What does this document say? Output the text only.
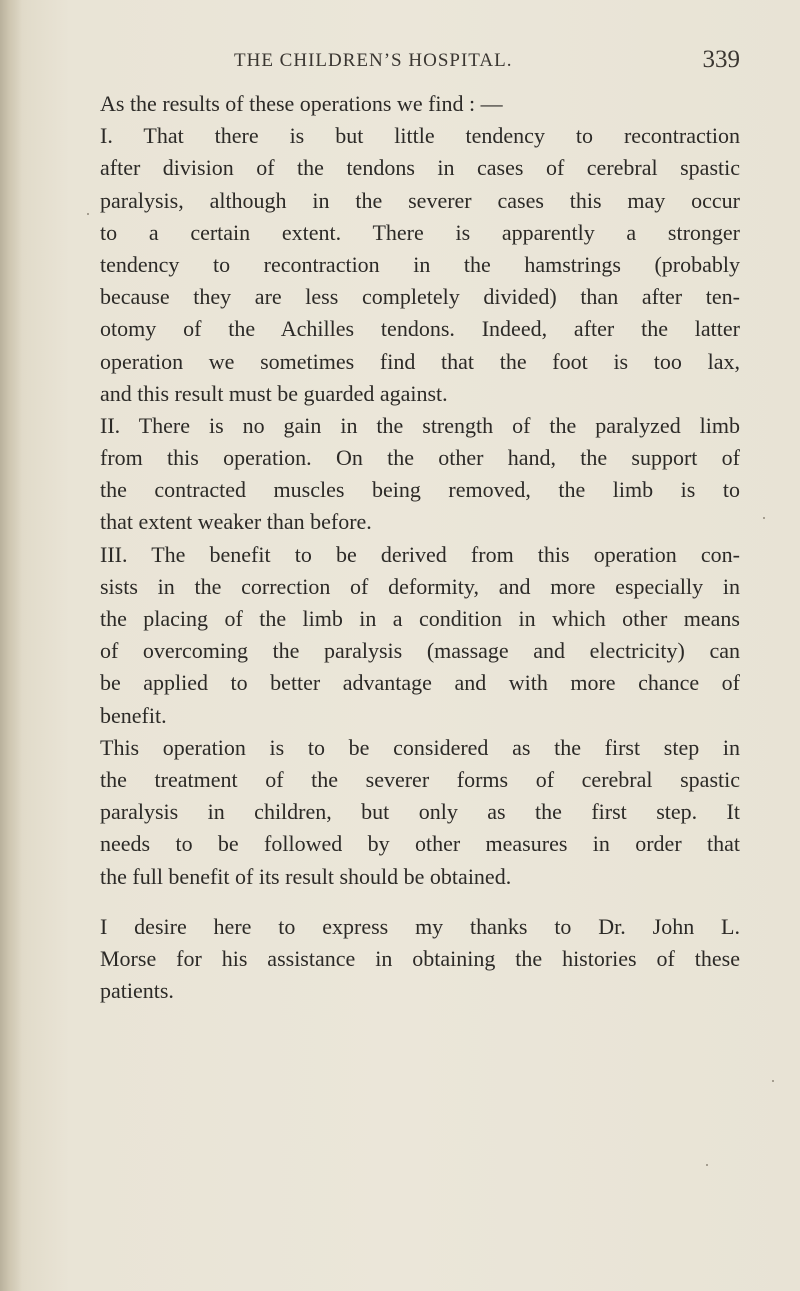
THE CHILDREN’S HOSPITAL.	339
As the results of these operations we find : —
I. That there is but little tendency to recontraction
after division of the tendons in cases of cerebral spastic
paralysis, although in the severer cases this may occur
to a certain extent. There is apparently a stronger
tendency to recontraction in the hamstrings (probably
because they are less completely divided) than after ten-
otomy of the Achilles tendons. Indeed, after the latter
operation we sometimes find that the foot is too lax,
and this result must be guarded against.
II. There is no gain in the strength of the paralyzed limb
from this operation. On the other hand, the support of
the contracted muscles being removed, the limb is to
that extent weaker than before.
III. The benefit to be derived from this operation con-
sists in the correction of deformity, and more especially in
the placing of the limb in a condition in which other means
of overcoming the paralysis (massage and electricity) can
be applied to better advantage and with more chance of
benefit.
This operation is to be considered as the first step in
the treatment of the severer forms of cerebral spastic
paralysis in children, but only as the first step. It
needs to be followed by other measures in order that
the full benefit of its result should be obtained.
I desire here to express my thanks to Dr. John L.
Morse for his assistance in obtaining the histories of these
patients.
